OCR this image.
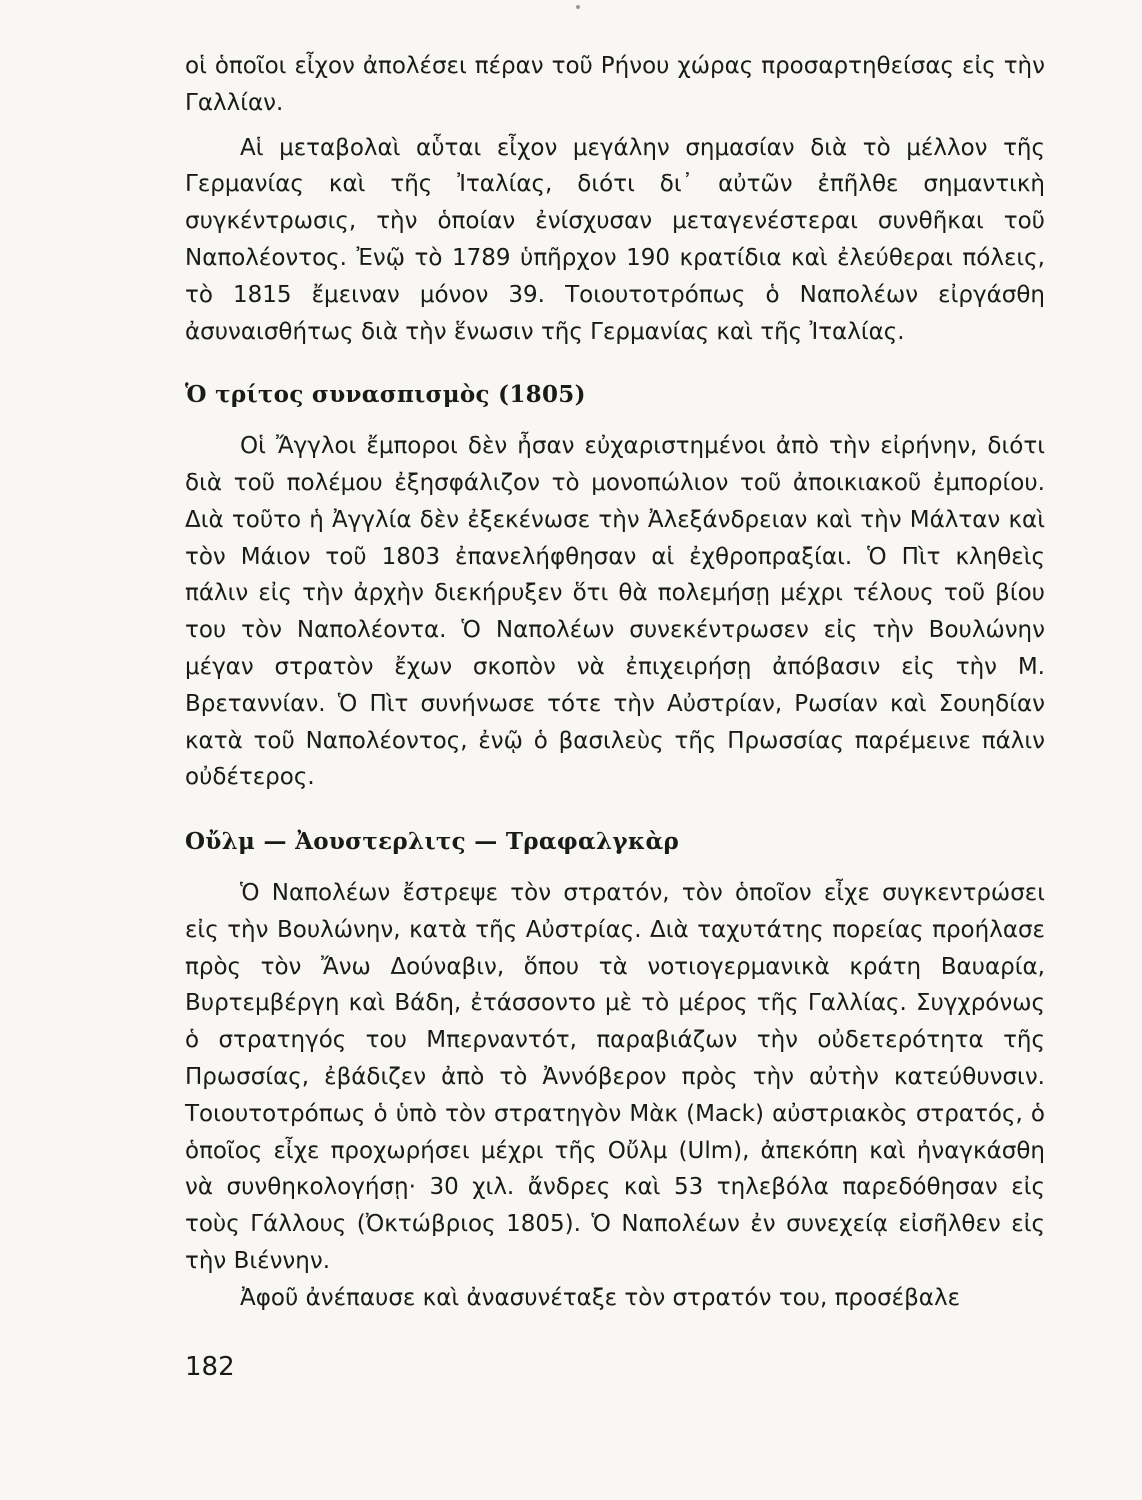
οἱ ὁποῖοι εἶχον ἀπολέσει πέραν τοῦ Ρήνου χώρας προσαρτηθείσας εἰς τὴν Γαλλίαν.

Αἱ μεταβολαὶ αὗται εἶχον μεγάλην σημασίαν διὰ τὸ μέλλον τῆς Γερμανίας καὶ τῆς Ἰταλίας, διότι δι᾽ αὐτῶν ἐπῆλθε σημαντικὴ συγκέντρωσις, τὴν ὁποίαν ἐνίσχυσαν μεταγενέστεραι συνθῆκαι τοῦ Ναπολέοντος. Ἐνῷ τὸ 1789 ὑπῆρχον 190 κρατίδια καὶ ἐλεύθεραι πόλεις, τὸ 1815 ἔμειναν μόνον 39. Τοιουτοτρόπως ὁ Ναπολέων εἰργάσθη ἀσυναισθήτως διὰ τὴν ἕνωσιν τῆς Γερμανίας καὶ τῆς Ἰταλίας.

Ὁ τρίτος συνασπισμὸς (1805)

Οἱ Ἄγγλοι ἔμποροι δὲν ἦσαν εὐχαριστημένοι ἀπὸ τὴν εἰρήνην, διότι διὰ τοῦ πολέμου ἐξησφάλιζον τὸ μονοπώλιον τοῦ ἀποικιακοῦ ἐμπορίου. Διὰ τοῦτο ἡ Ἀγγλία δὲν ἐξεκένωσε τὴν Ἀλεξάνδρειαν καὶ τὴν Μάλταν καὶ τὸν Μάιον τοῦ 1803 ἐπανελήφθησαν αἱ ἐχθροπραξίαι. Ὁ Πὶτ κληθεὶς πάλιν εἰς τὴν ἀρχὴν διεκήρυξεν ὅτι θὰ πολεμήσῃ μέχρι τέλους τοῦ βίου του τὸν Ναπολέοντα. Ὁ Ναπολέων συνεκέντρωσεν εἰς τὴν Βουλώνην μέγαν στρατὸν ἔχων σκοπὸν νὰ ἐπιχειρήσῃ ἀπόβασιν εἰς τὴν Μ. Βρεταννίαν. Ὁ Πὶτ συνήνωσε τότε τὴν Αὐστρίαν, Ρωσίαν καὶ Σουηδίαν κατὰ τοῦ Ναπολέοντος, ἐνῷ ὁ βασιλεὺς τῆς Πρωσσίας παρέμεινε πάλιν οὐδέτερος.

Οὔλμ — Ἀουστερλιτς — Τραφαλγκὰρ

Ὁ Ναπολέων ἔστρεψε τὸν στρατόν, τὸν ὁποῖον εἶχε συγκεντρώσει εἰς τὴν Βουλώνην, κατὰ τῆς Αὐστρίας. Διὰ ταχυτάτης πορείας προήλασε πρὸς τὸν Ἄνω Δούναβιν, ὅπου τὰ νοτιογερμανικὰ κράτη Βαυαρία, Βυρτεμβέργη καὶ Βάδη, ἐτάσσοντο μὲ τὸ μέρος τῆς Γαλλίας. Συγχρόνως ὁ στρατηγός του Μπερναντότ, παραβιάζων τὴν οὐδετερότητα τῆς Πρωσσίας, ἐβάδιζεν ἀπὸ τὸ Ἀννόβερον πρὸς τὴν αὐτὴν κατεύθυνσιν. Τοιουτοτρόπως ὁ ὑπὸ τὸν στρατηγὸν Μὰκ (Mack) αὐστριακὸς στρατός, ὁ ὁποῖος εἶχε προχωρήσει μέχρι τῆς Οὔλμ (Ulm), ἀπεκόπη καὶ ἠναγκάσθη νὰ συνθηκολογήσῃ· 30 χιλ. ἄνδρες καὶ 53 τηλεβόλα παρεδόθησαν εἰς τοὺς Γάλλους (Ὀκτώβριος 1805). Ὁ Ναπολέων ἐν συνεχείᾳ εἰσῆλθεν εἰς τὴν Βιέννην.

Ἀφοῦ ἀνέπαυσε καὶ ἀνασυνέταξε τὸν στρατόν του, προσέβαλε

182
